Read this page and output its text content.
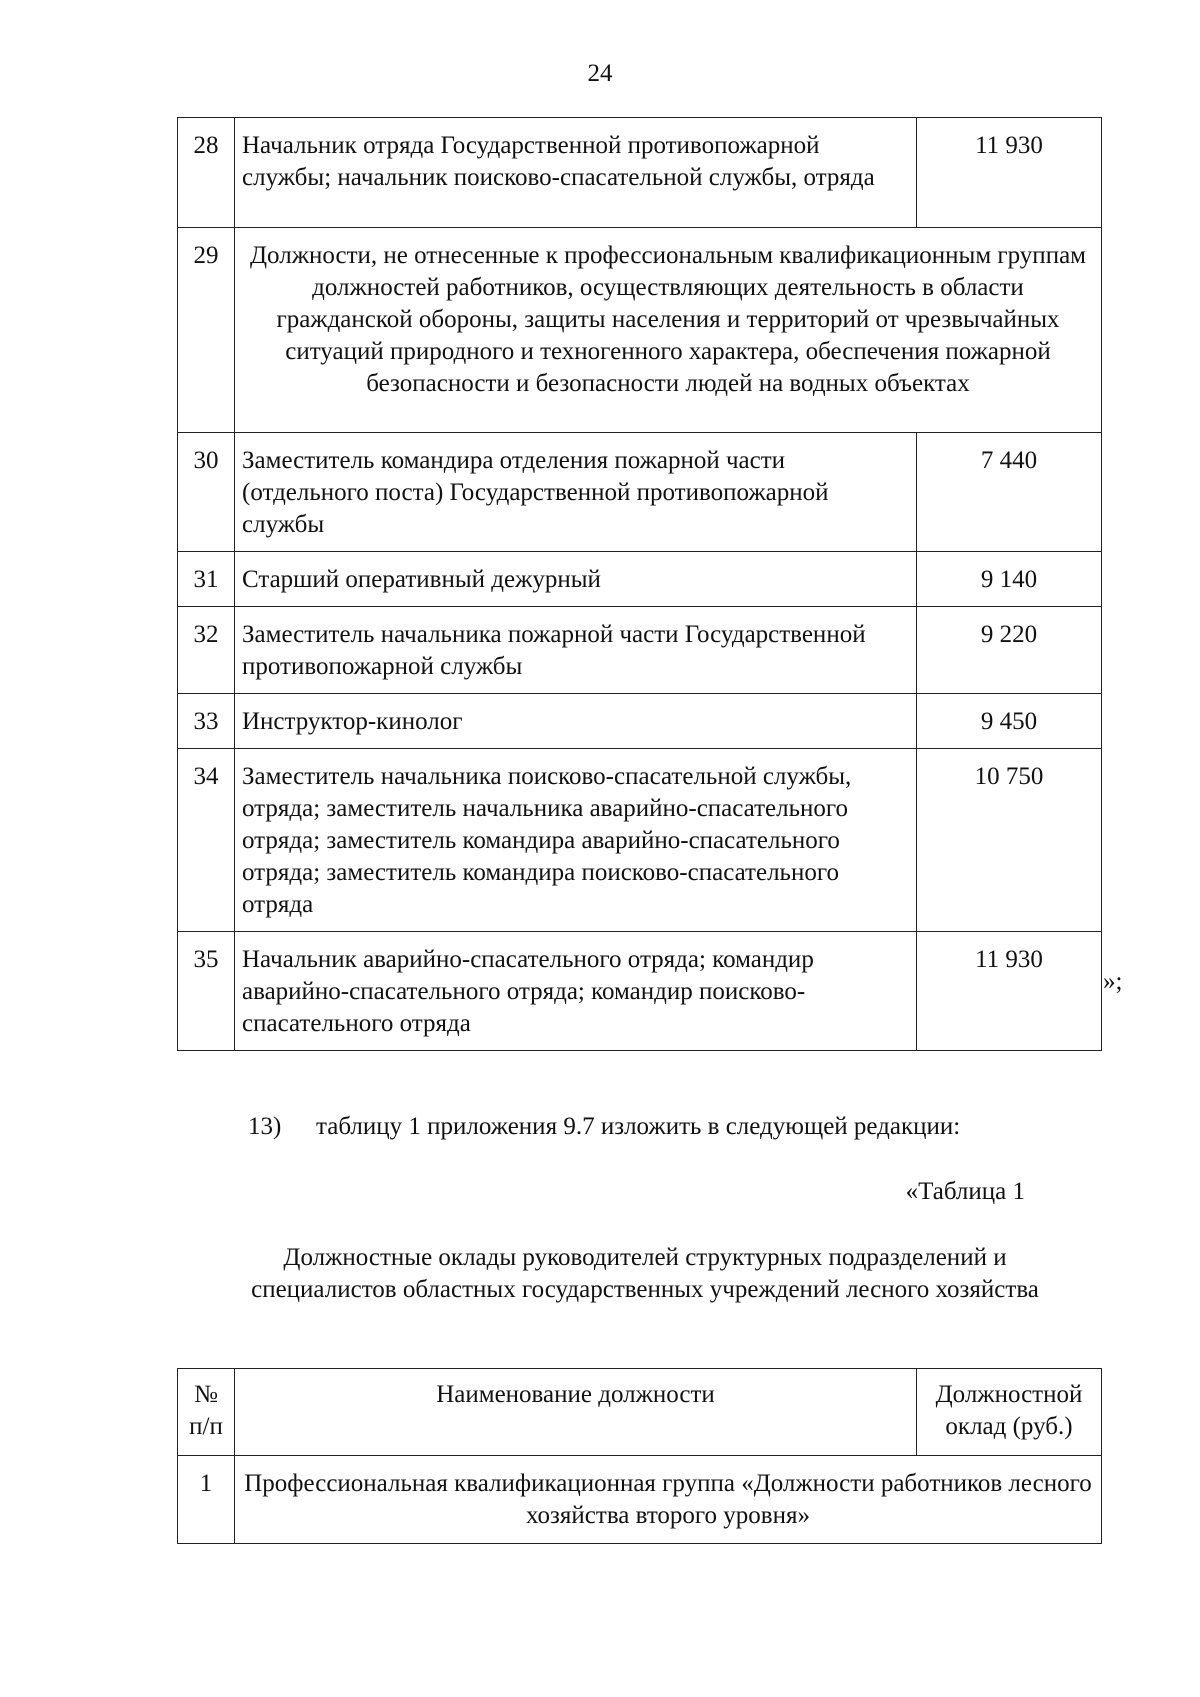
24
28	Начальник отряда Государственной противопожарной службы; начальник поисково-спасательной службы, отряда	11 930
29	Должности, не отнесенные к профессиональным квалификационным группам должностей работников, осуществляющих деятельность в области гражданской обороны, защиты населения и территорий от чрезвычайных ситуаций природного и техногенного характера, обеспечения пожарной безопасности и безопасности людей на водных объектах	
30	Заместитель командира отделения пожарной части (отдельного поста) Государственной противопожарной службы	7 440
31	Старший оперативный дежурный	9 140
32	Заместитель начальника пожарной части Государственной противопожарной службы	9 220
33	Инструктор-кинолог	9 450
34	Заместитель начальника поисково-спасательной службы, отряда; заместитель начальника аварийно-спасательного отряда; заместитель командира аварийно-спасательного отряда; заместитель командира поисково-спасательного отряда	10 750
35	Начальник аварийно-спасательного отряда; командир аварийно-спасательного отряда; командир поисково-спасательного отряда	11 930
»;
13) таблицу 1 приложения 9.7 изложить в следующей редакции:
«Таблица 1
Должностные оклады руководителей структурных подразделений и специалистов областных государственных учреждений лесного хозяйства
№ п/п	Наименование должности	Должностной оклад (руб.)
1	Профессиональная квалификационная группа «Должности работников лесного хозяйства второго уровня»	
